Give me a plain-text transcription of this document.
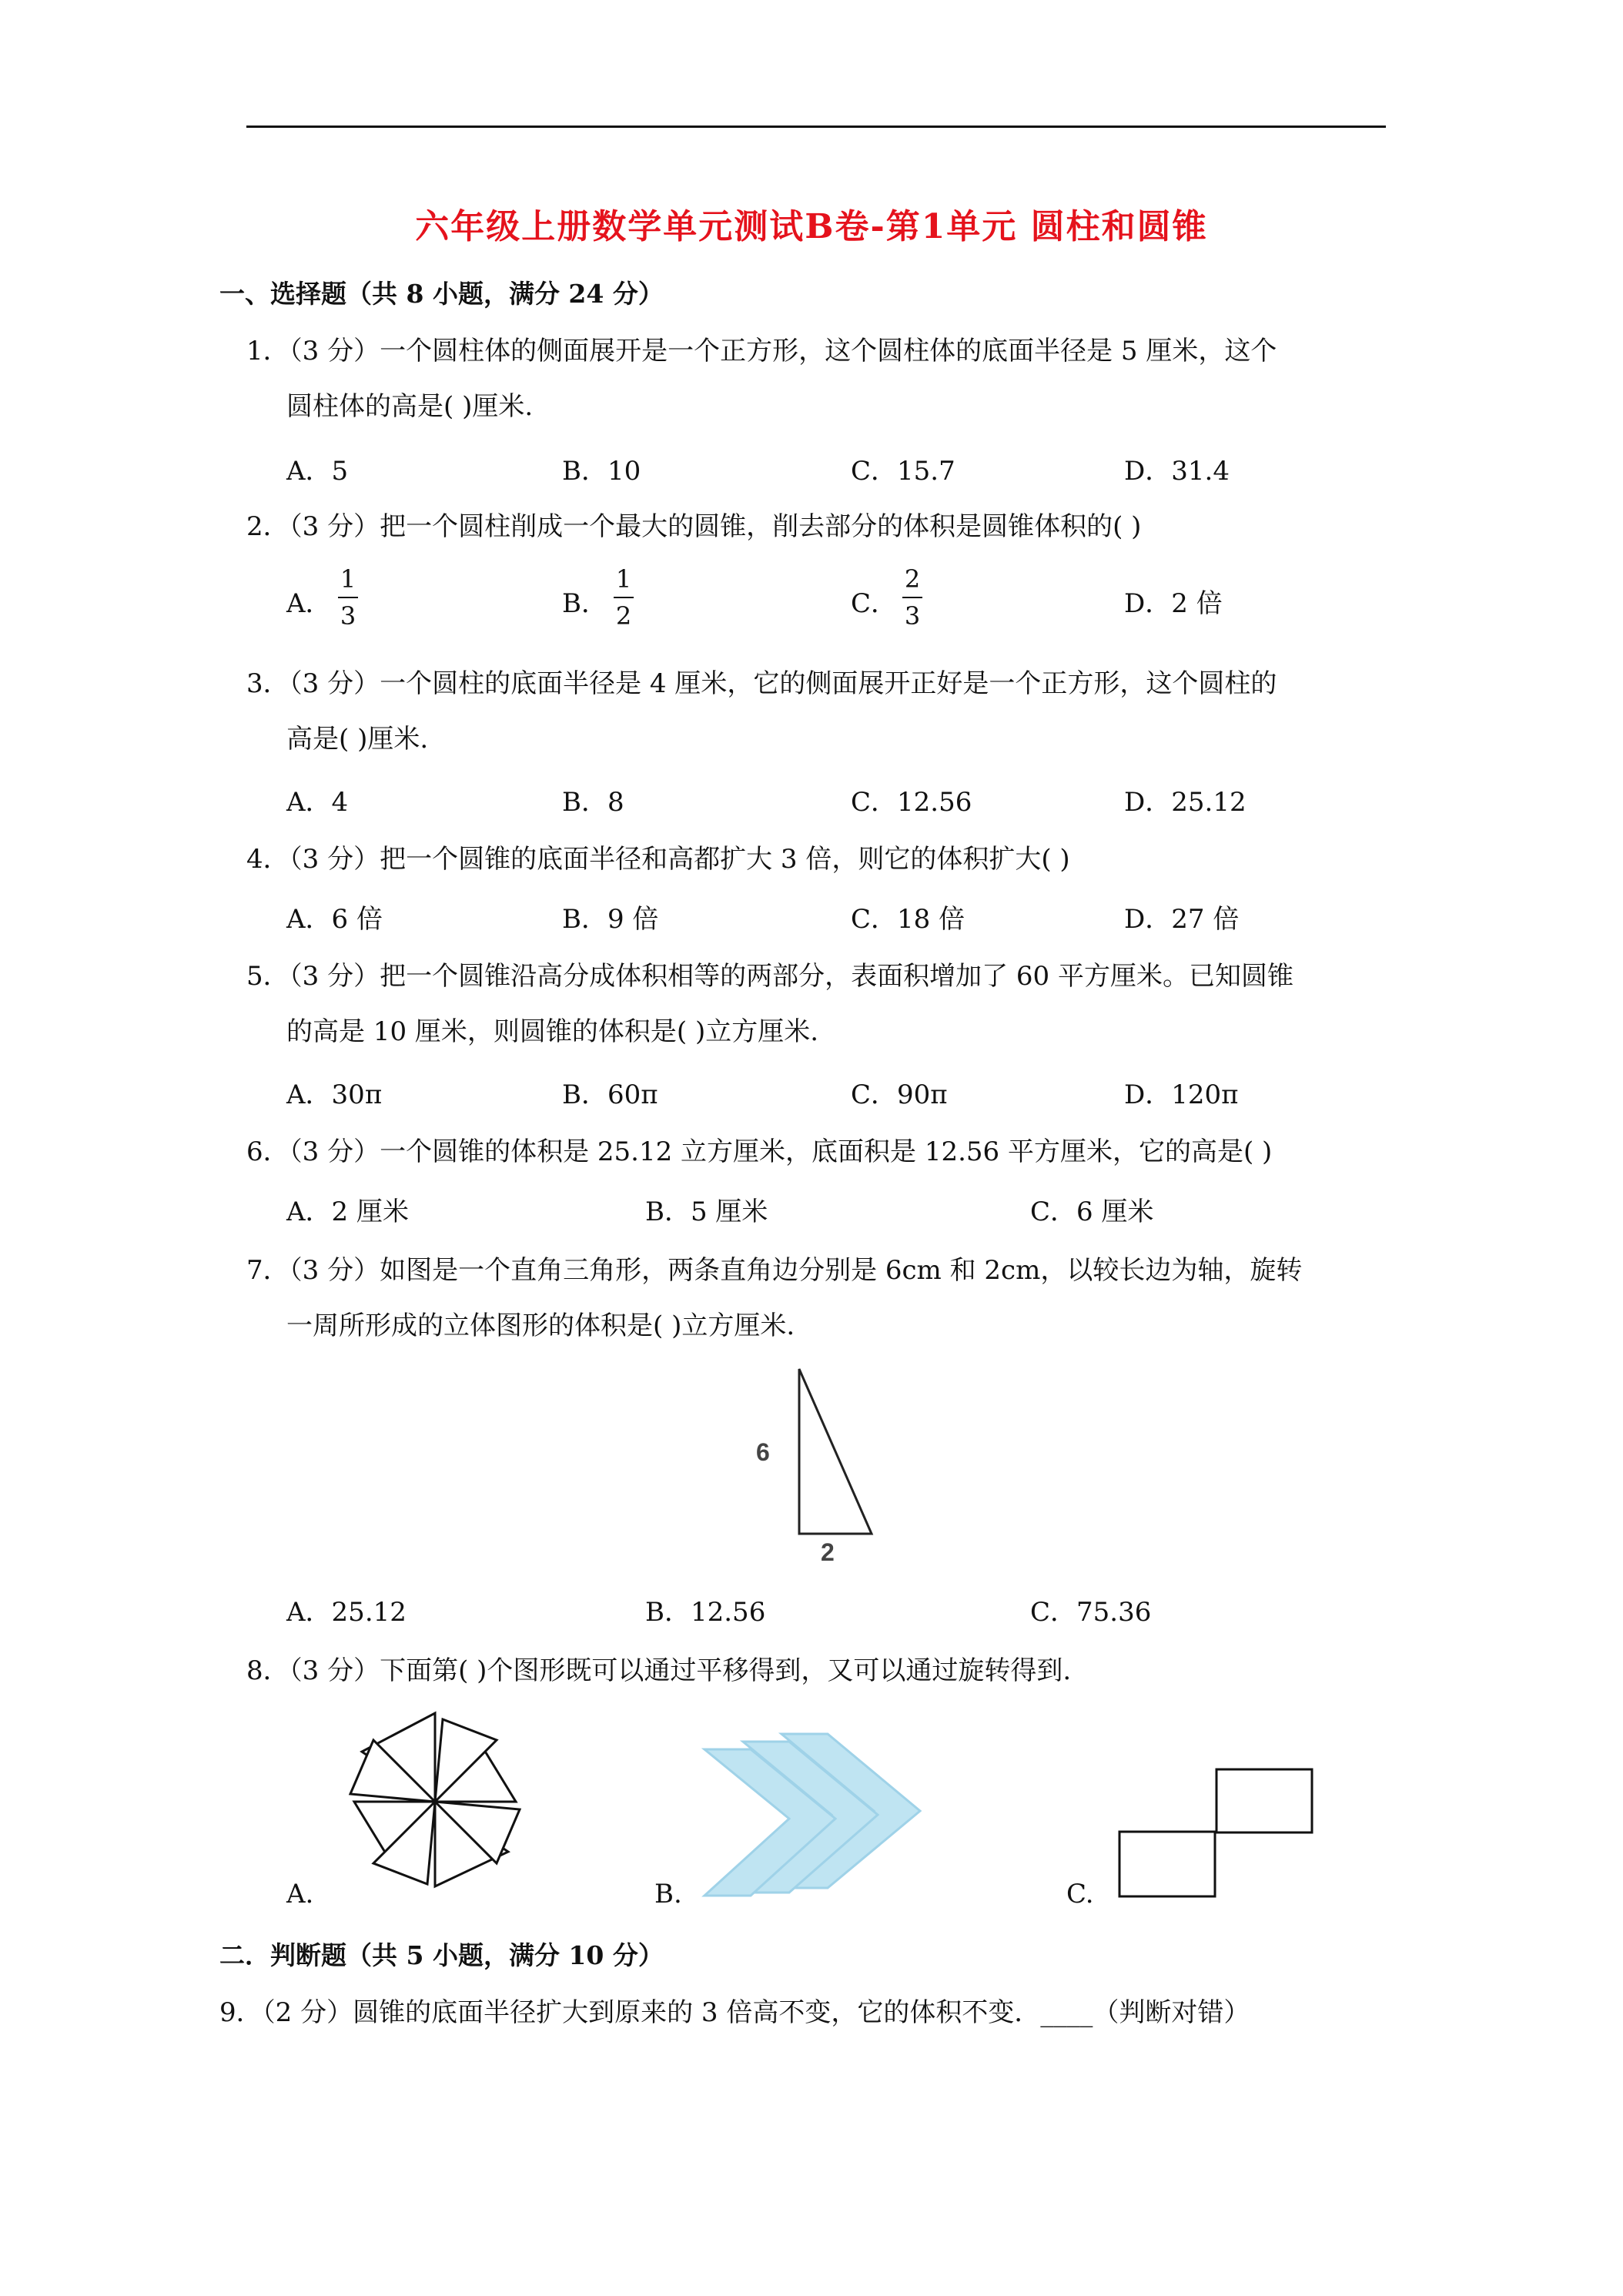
六年级上册数学单元测试B卷-第1单元 圆柱和圆锥
一、选择题（共 8 小题，满分 24 分）
1．（3 分）一个圆柱体的侧面展开是一个正方形，这个圆柱体的底面半径是 5 厘米，这个
圆柱体的高是( )厘米.
A．5	B．10	C．15.7	D．31.4
2．（3 分）把一个圆柱削成一个最大的圆锥，削去部分的体积是圆锥体积的( )
A．
1
3	B．
1
2	C．
2
3	D．2 倍
3．（3 分）一个圆柱的底面半径是 4 厘米，它的侧面展开正好是一个正方形，这个圆柱的
高是( )厘米.
A．4	B．8	C．12.56	D．25.12
4．（3 分）把一个圆锥的底面半径和高都扩大 3 倍，则它的体积扩大( )
A．6 倍	B．9 倍	C．18 倍	D．27 倍
5．（3 分）把一个圆锥沿高分成体积相等的两部分，表面积增加了 60 平方厘米。已知圆锥
的高是 10 厘米，则圆锥的体积是( )立方厘米.
A．30π	B．60π	C．90π	D．120π
6．（3 分）一个圆锥的体积是 25.12 立方厘米，底面积是 12.56 平方厘米，它的高是( )
A．2 厘米	B．5 厘米	C．6 厘米
7．（3 分）如图是一个直角三角形，两条直角边分别是 6cm 和 2cm，以较长边为轴，旋转
一周所形成的立体图形的体积是( )立方厘米.
6
2
A．25.12	B．12.56	C．75.36
8．（3 分）下面第( )个图形既可以通过平移得到，又可以通过旋转得到.
A.	B.	C.
二．判断题（共 5 小题，满分 10 分）
9．（2 分）圆锥的底面半径扩大到原来的 3 倍高不变，它的体积不变．____（判断对错）
